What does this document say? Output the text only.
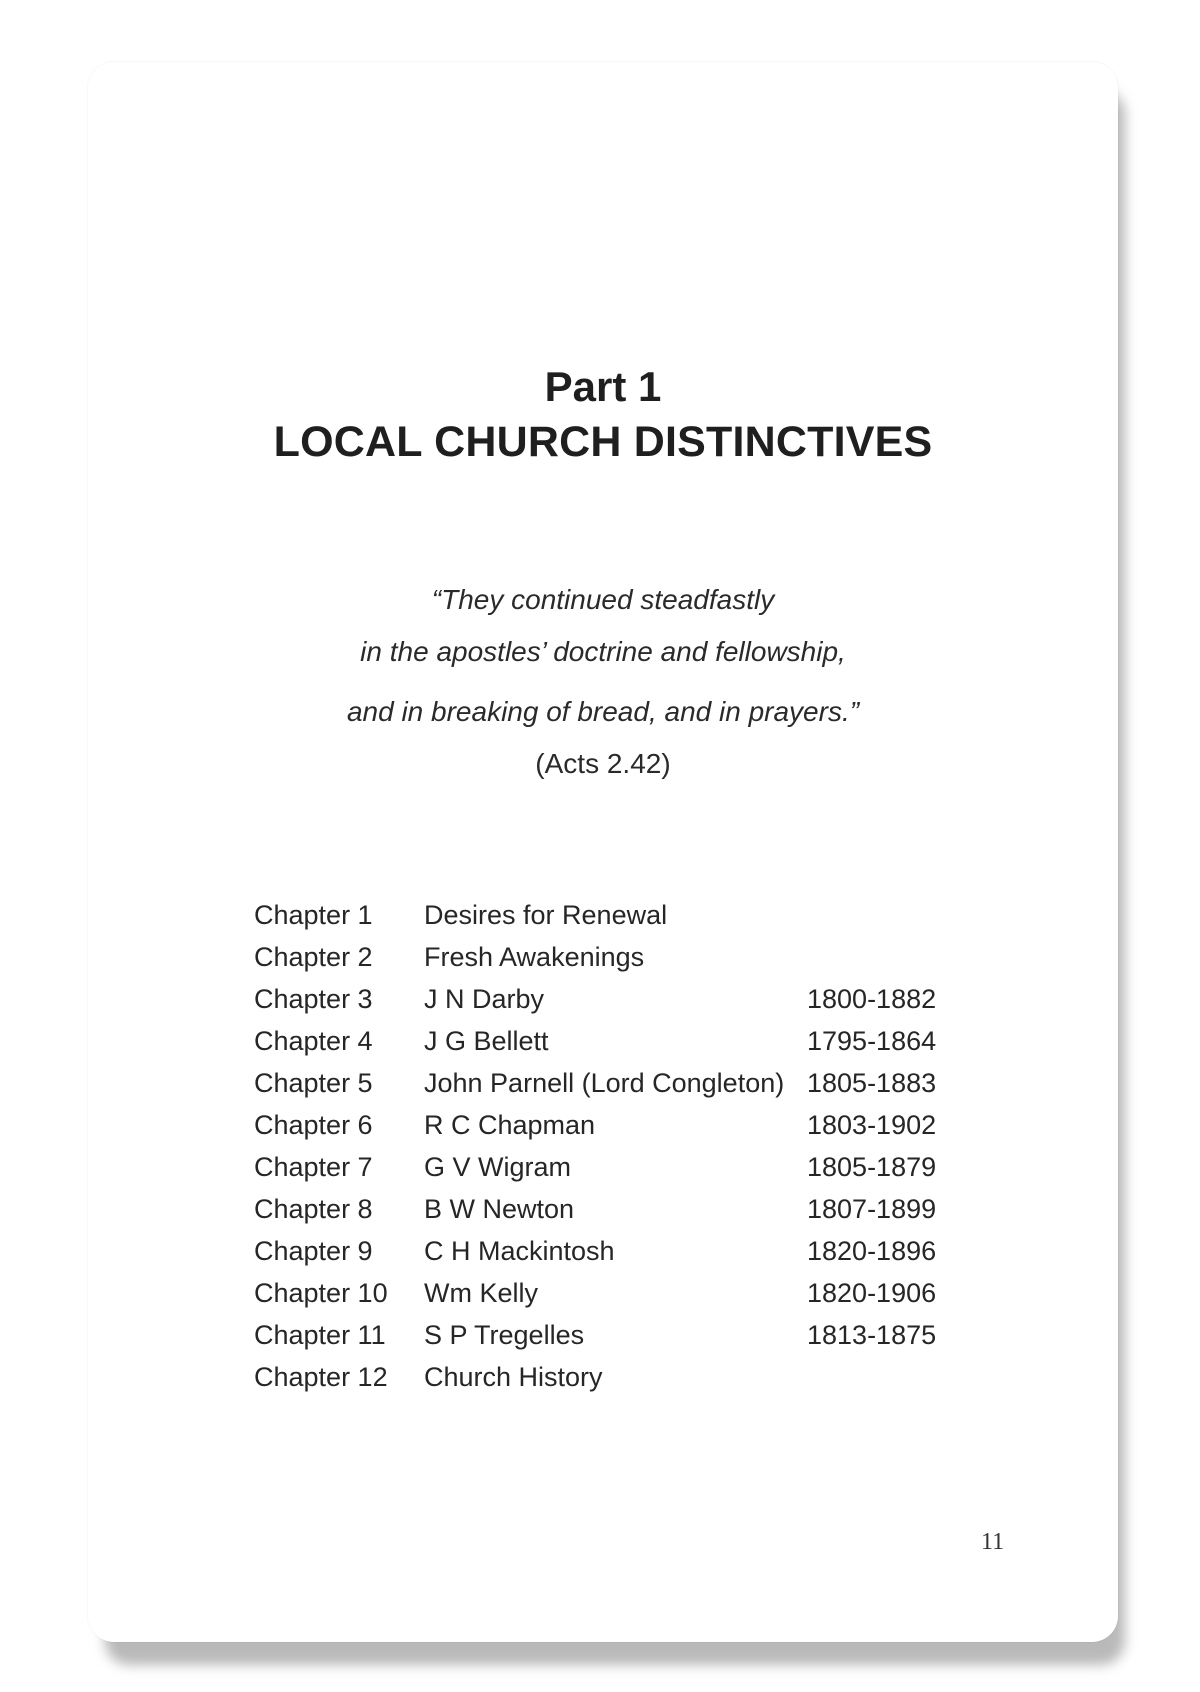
Part 1
LOCAL CHURCH DISTINCTIVES
“They continued steadfastly
in the apostles’ doctrine and fellowship,
and in breaking of bread, and in prayers.”
(Acts 2.42)
Chapter 1 Desires for Renewal
Chapter 2 Fresh Awakenings
Chapter 3 J N Darby	1800-1882
Chapter 4 J G Bellett	1795-1864
Chapter 5 John Parnell (Lord Congleton) 1805-1883
Chapter 6 R C Chapman	1803-1902
Chapter 7 G V Wigram	1805-1879
Chapter 8 B W Newton	1807-1899
Chapter 9 C H Mackintosh	1820-1896
Chapter 10 Wm Kelly	1820-1906
Chapter 11 S P Tregelles	1813-1875
Chapter 12 Church History
11
